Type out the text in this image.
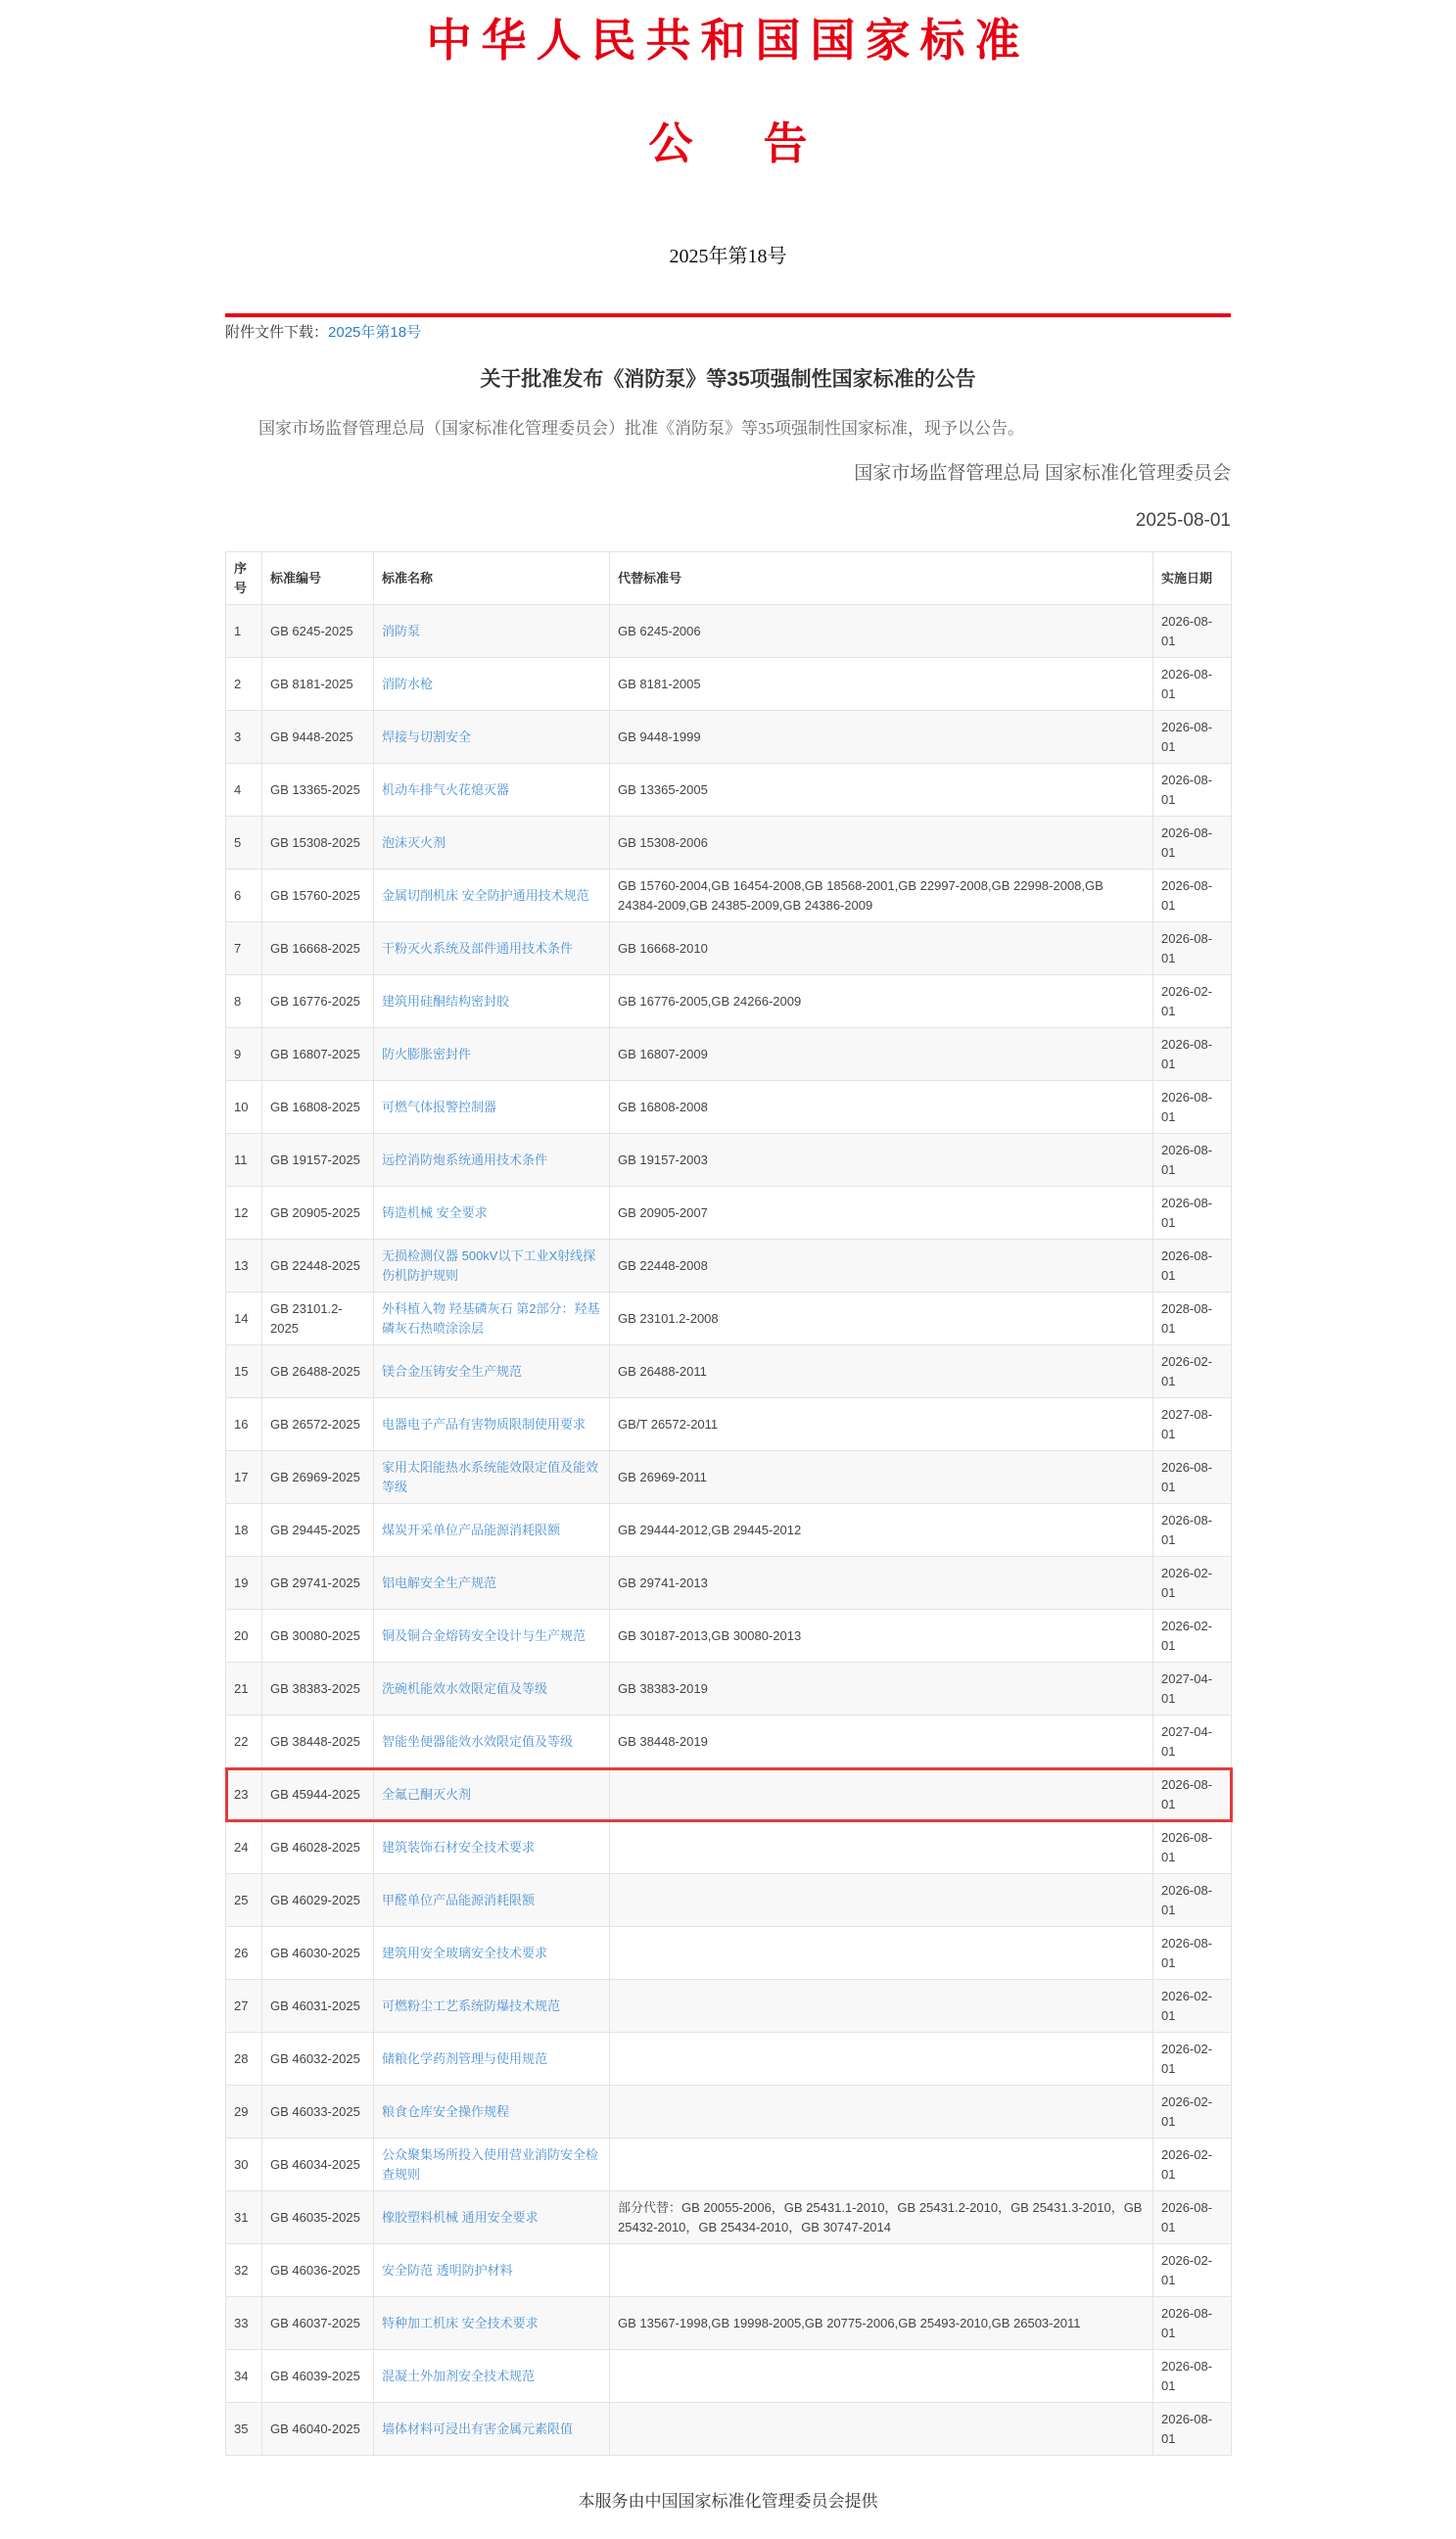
中华人民共和国国家标准
公 告
2025年第18号
附件文件下载：2025年第18号
关于批准发布《消防泵》等35项强制性国家标准的公告

国家市场监督管理总局（国家标准化管理委员会）批准《消防泵》等35项强制性国家标准，现予以公告。

国家市场监督管理总局 国家标准化管理委员会
2025-08-01
序号	标准编号	标准名称	代替标准号	实施日期
1	GB 6245-2025	消防泵	GB 6245-2006	2026-08-01
2	GB 8181-2025	消防水枪	GB 8181-2005	2026-08-01
3	GB 9448-2025	焊接与切割安全	GB 9448-1999	2026-08-01
4	GB 13365-2025	机动车排气火花熄灭器	GB 13365-2005	2026-08-01
5	GB 15308-2025	泡沫灭火剂	GB 15308-2006	2026-08-01
6	GB 15760-2025	金属切削机床 安全防护通用技术规范	GB 15760-2004,GB 16454-2008,GB 18568-2001,GB 22997-2008,GB 22998-2008,GB 24384-2009,GB 24385-2009,GB 24386-2009	2026-08-01
7	GB 16668-2025	干粉灭火系统及部件通用技术条件	GB 16668-2010	2026-08-01
8	GB 16776-2025	建筑用硅酮结构密封胶	GB 16776-2005,GB 24266-2009	2026-02-01
9	GB 16807-2025	防火膨胀密封件	GB 16807-2009	2026-08-01
10	GB 16808-2025	可燃气体报警控制器	GB 16808-2008	2026-08-01
11	GB 19157-2025	远控消防炮系统通用技术条件	GB 19157-2003	2026-08-01
12	GB 20905-2025	铸造机械 安全要求	GB 20905-2007	2026-08-01
13	GB 22448-2025	无损检测仪器 500kV以下工业X射线探伤机防护规则	GB 22448-2008	2026-08-01
14	GB 23101.2-2025	外科植入物 羟基磷灰石 第2部分：羟基磷灰石热喷涂涂层	GB 23101.2-2008	2028-08-01
15	GB 26488-2025	镁合金压铸安全生产规范	GB 26488-2011	2026-02-01
16	GB 26572-2025	电器电子产品有害物质限制使用要求	GB/T 26572-2011	2027-08-01
17	GB 26969-2025	家用太阳能热水系统能效限定值及能效等级	GB 26969-2011	2026-08-01
18	GB 29445-2025	煤炭开采单位产品能源消耗限额	GB 29444-2012,GB 29445-2012	2026-08-01
19	GB 29741-2025	铝电解安全生产规范	GB 29741-2013	2026-02-01
20	GB 30080-2025	铜及铜合金熔铸安全设计与生产规范	GB 30187-2013,GB 30080-2013	2026-02-01
21	GB 38383-2025	洗碗机能效水效限定值及等级	GB 38383-2019	2027-04-01
22	GB 38448-2025	智能坐便器能效水效限定值及等级	GB 38448-2019	2027-04-01
23	GB 45944-2025	全氟己酮灭火剂		2026-08-01
24	GB 46028-2025	建筑装饰石材安全技术要求		2026-08-01
25	GB 46029-2025	甲醛单位产品能源消耗限额		2026-08-01
26	GB 46030-2025	建筑用安全玻璃安全技术要求		2026-08-01
27	GB 46031-2025	可燃粉尘工艺系统防爆技术规范		2026-02-01
28	GB 46032-2025	储粮化学药剂管理与使用规范		2026-02-01
29	GB 46033-2025	粮食仓库安全操作规程		2026-02-01
30	GB 46034-2025	公众聚集场所投入使用营业消防安全检查规则		2026-02-01
31	GB 46035-2025	橡胶塑料机械 通用安全要求	部分代替：GB 20055-2006，GB 25431.1-2010，GB 25431.2-2010，GB 25431.3-2010，GB 25432-2010，GB 25434-2010，GB 30747-2014	2026-08-01
32	GB 46036-2025	安全防范 透明防护材料		2026-02-01
33	GB 46037-2025	特种加工机床 安全技术要求	GB 13567-1998,GB 19998-2005,GB 20775-2006,GB 25493-2010,GB 26503-2011	2026-08-01
34	GB 46039-2025	混凝土外加剂安全技术规范		2026-08-01
35	GB 46040-2025	墙体材料可浸出有害金属元素限值		2026-08-01
本服务由中国国家标准化管理委员会提供
